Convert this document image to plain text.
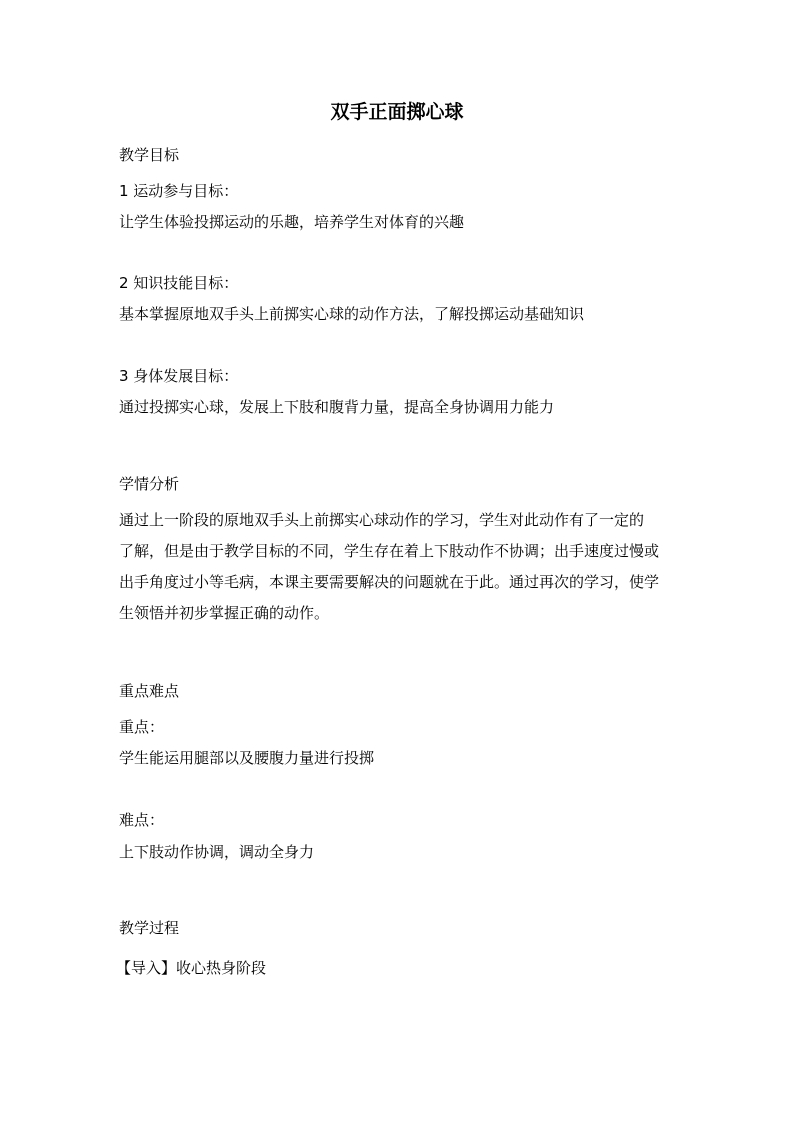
双手正面掷心球
教学目标
1 运动参与目标：
让学生体验投掷运动的乐趣，培养学生对体育的兴趣
2 知识技能目标：
基本掌握原地双手头上前掷实心球的动作方法，了解投掷运动基础知识
3 身体发展目标：
通过投掷实心球，发展上下肢和腹背力量，提高全身协调用力能力
学情分析
通过上一阶段的原地双手头上前掷实心球动作的学习，学生对此动作有了一定的
了解，但是由于教学目标的不同，学生存在着上下肢动作不协调；出手速度过慢或
出手角度过小等毛病，本课主要需要解决的问题就在于此。通过再次的学习，使学
生领悟并初步掌握正确的动作。
重点难点
重点：
学生能运用腿部以及腰腹力量进行投掷
难点：
上下肢动作协调，调动全身力
教学过程
【导入】收心热身阶段
